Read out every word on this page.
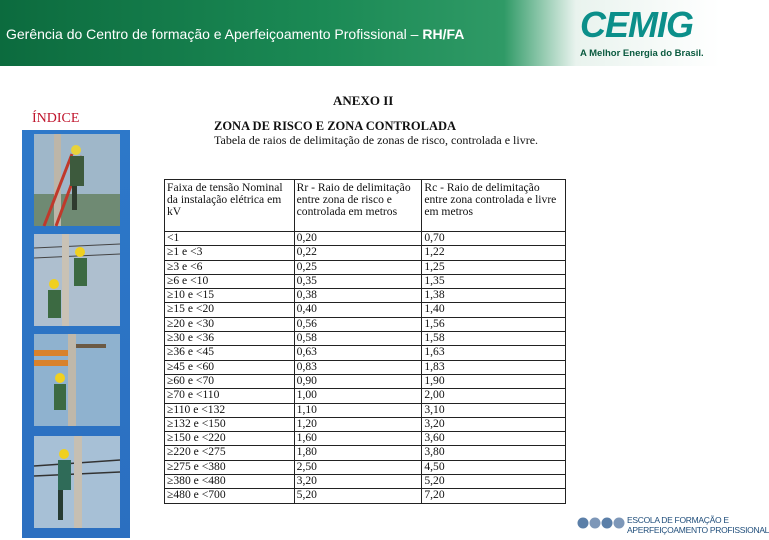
Gerência do Centro de formação e Aperfeiçoamento Profissional – RH/FA	CEMIG
A Melhor Energia do Brasil.
ÍNDICE
ANEXO II
ZONA DE RISCO E ZONA CONTROLADA
Tabela de raios de delimitação de zonas de risco, controlada e livre.
Faixa de tensão Nominal da instalação elétrica em kV	Rr - Raio de delimitação entre zona de risco e controlada em metros	Rc - Raio de delimitação entre zona controlada e livre em metros
<1	0,20	0,70
≥1 e <3	0,22	1,22
≥3 e <6	0,25	1,25
≥6 e <10	0,35	1,35
≥10 e <15	0,38	1,38
≥15 e <20	0,40	1,40
≥20 e <30	0,56	1,56
≥30 e <36	0,58	1,58
≥36 e <45	0,63	1,63
≥45 e <60	0,83	1,83
≥60 e <70	0,90	1,90
≥70 e <110	1,00	2,00
≥110 e <132	1,10	3,10
≥132 e <150	1,20	3,20
≥150 e <220	1,60	3,60
≥220 e <275	1,80	3,80
≥275 e <380	2,50	4,50
≥380 e <480	3,20	5,20
≥480 e <700	5,20	7,20
ESCOLA DE FORMAÇÃO E
APERFEIÇOAMENTO PROFISSIONAL
